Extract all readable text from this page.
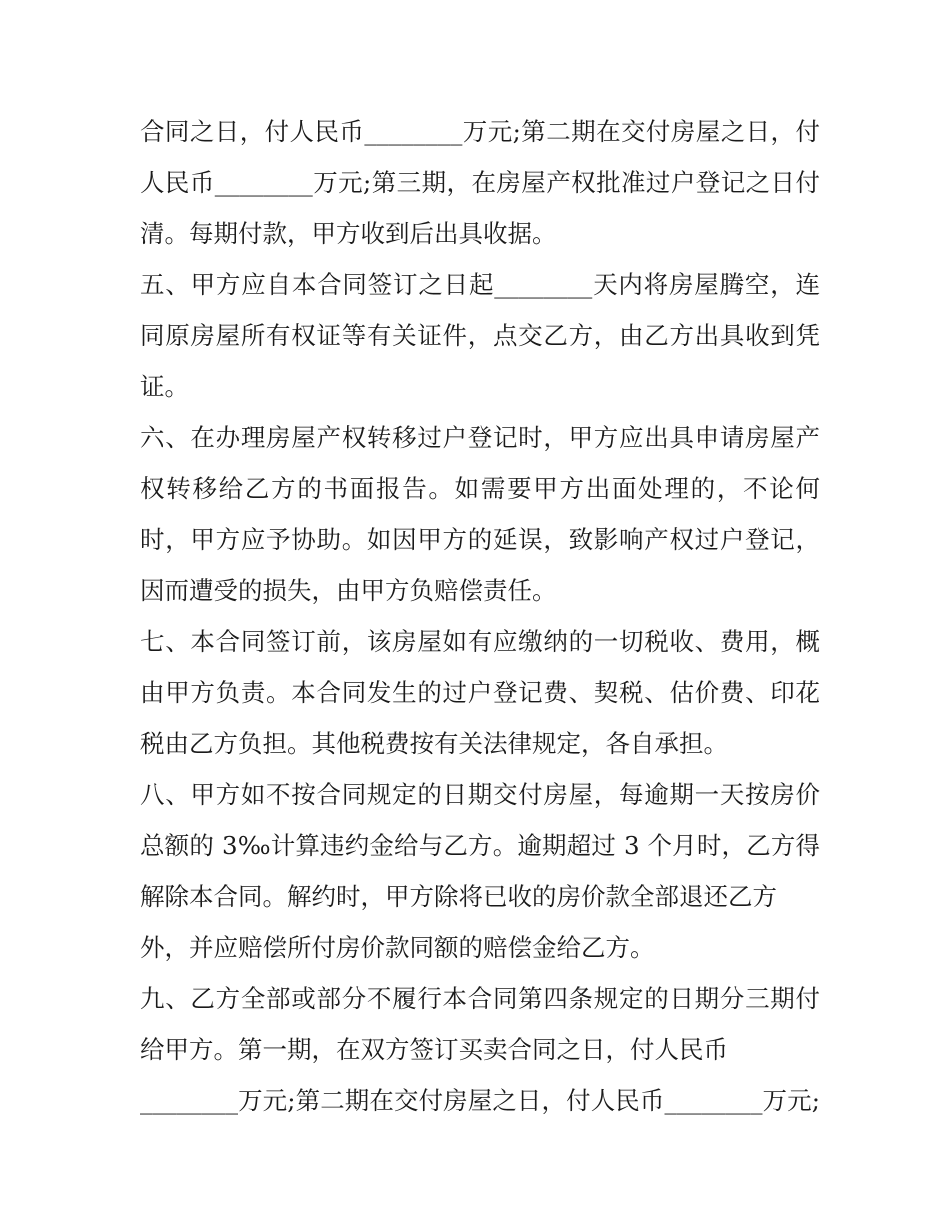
合同之日，付人民币________万元;第二期在交付房屋之日，付
人民币________万元;第三期，在房屋产权批准过户登记之日付
清。每期付款，甲方收到后出具收据。
五、甲方应自本合同签订之日起________天内将房屋腾空，连
同原房屋所有权证等有关证件，点交乙方，由乙方出具收到凭
证。
六、在办理房屋产权转移过户登记时，甲方应出具申请房屋产
权转移给乙方的书面报告。如需要甲方出面处理的，不论何
时，甲方应予协助。如因甲方的延误，致影响产权过户登记，
因而遭受的损失，由甲方负赔偿责任。
七、本合同签订前，该房屋如有应缴纳的一切税收、费用，概
由甲方负责。本合同发生的过户登记费、契税、估价费、印花
税由乙方负担。其他税费按有关法律规定，各自承担。
八、甲方如不按合同规定的日期交付房屋，每逾期一天按房价
总额的 3‰计算违约金给与乙方。逾期超过 3 个月时，乙方得
解除本合同。解约时，甲方除将已收的房价款全部退还乙方
外，并应赔偿所付房价款同额的赔偿金给乙方。
九、乙方全部或部分不履行本合同第四条规定的日期分三期付
给甲方。第一期，在双方签订买卖合同之日，付人民币
________万元;第二期在交付房屋之日，付人民币________万元;
